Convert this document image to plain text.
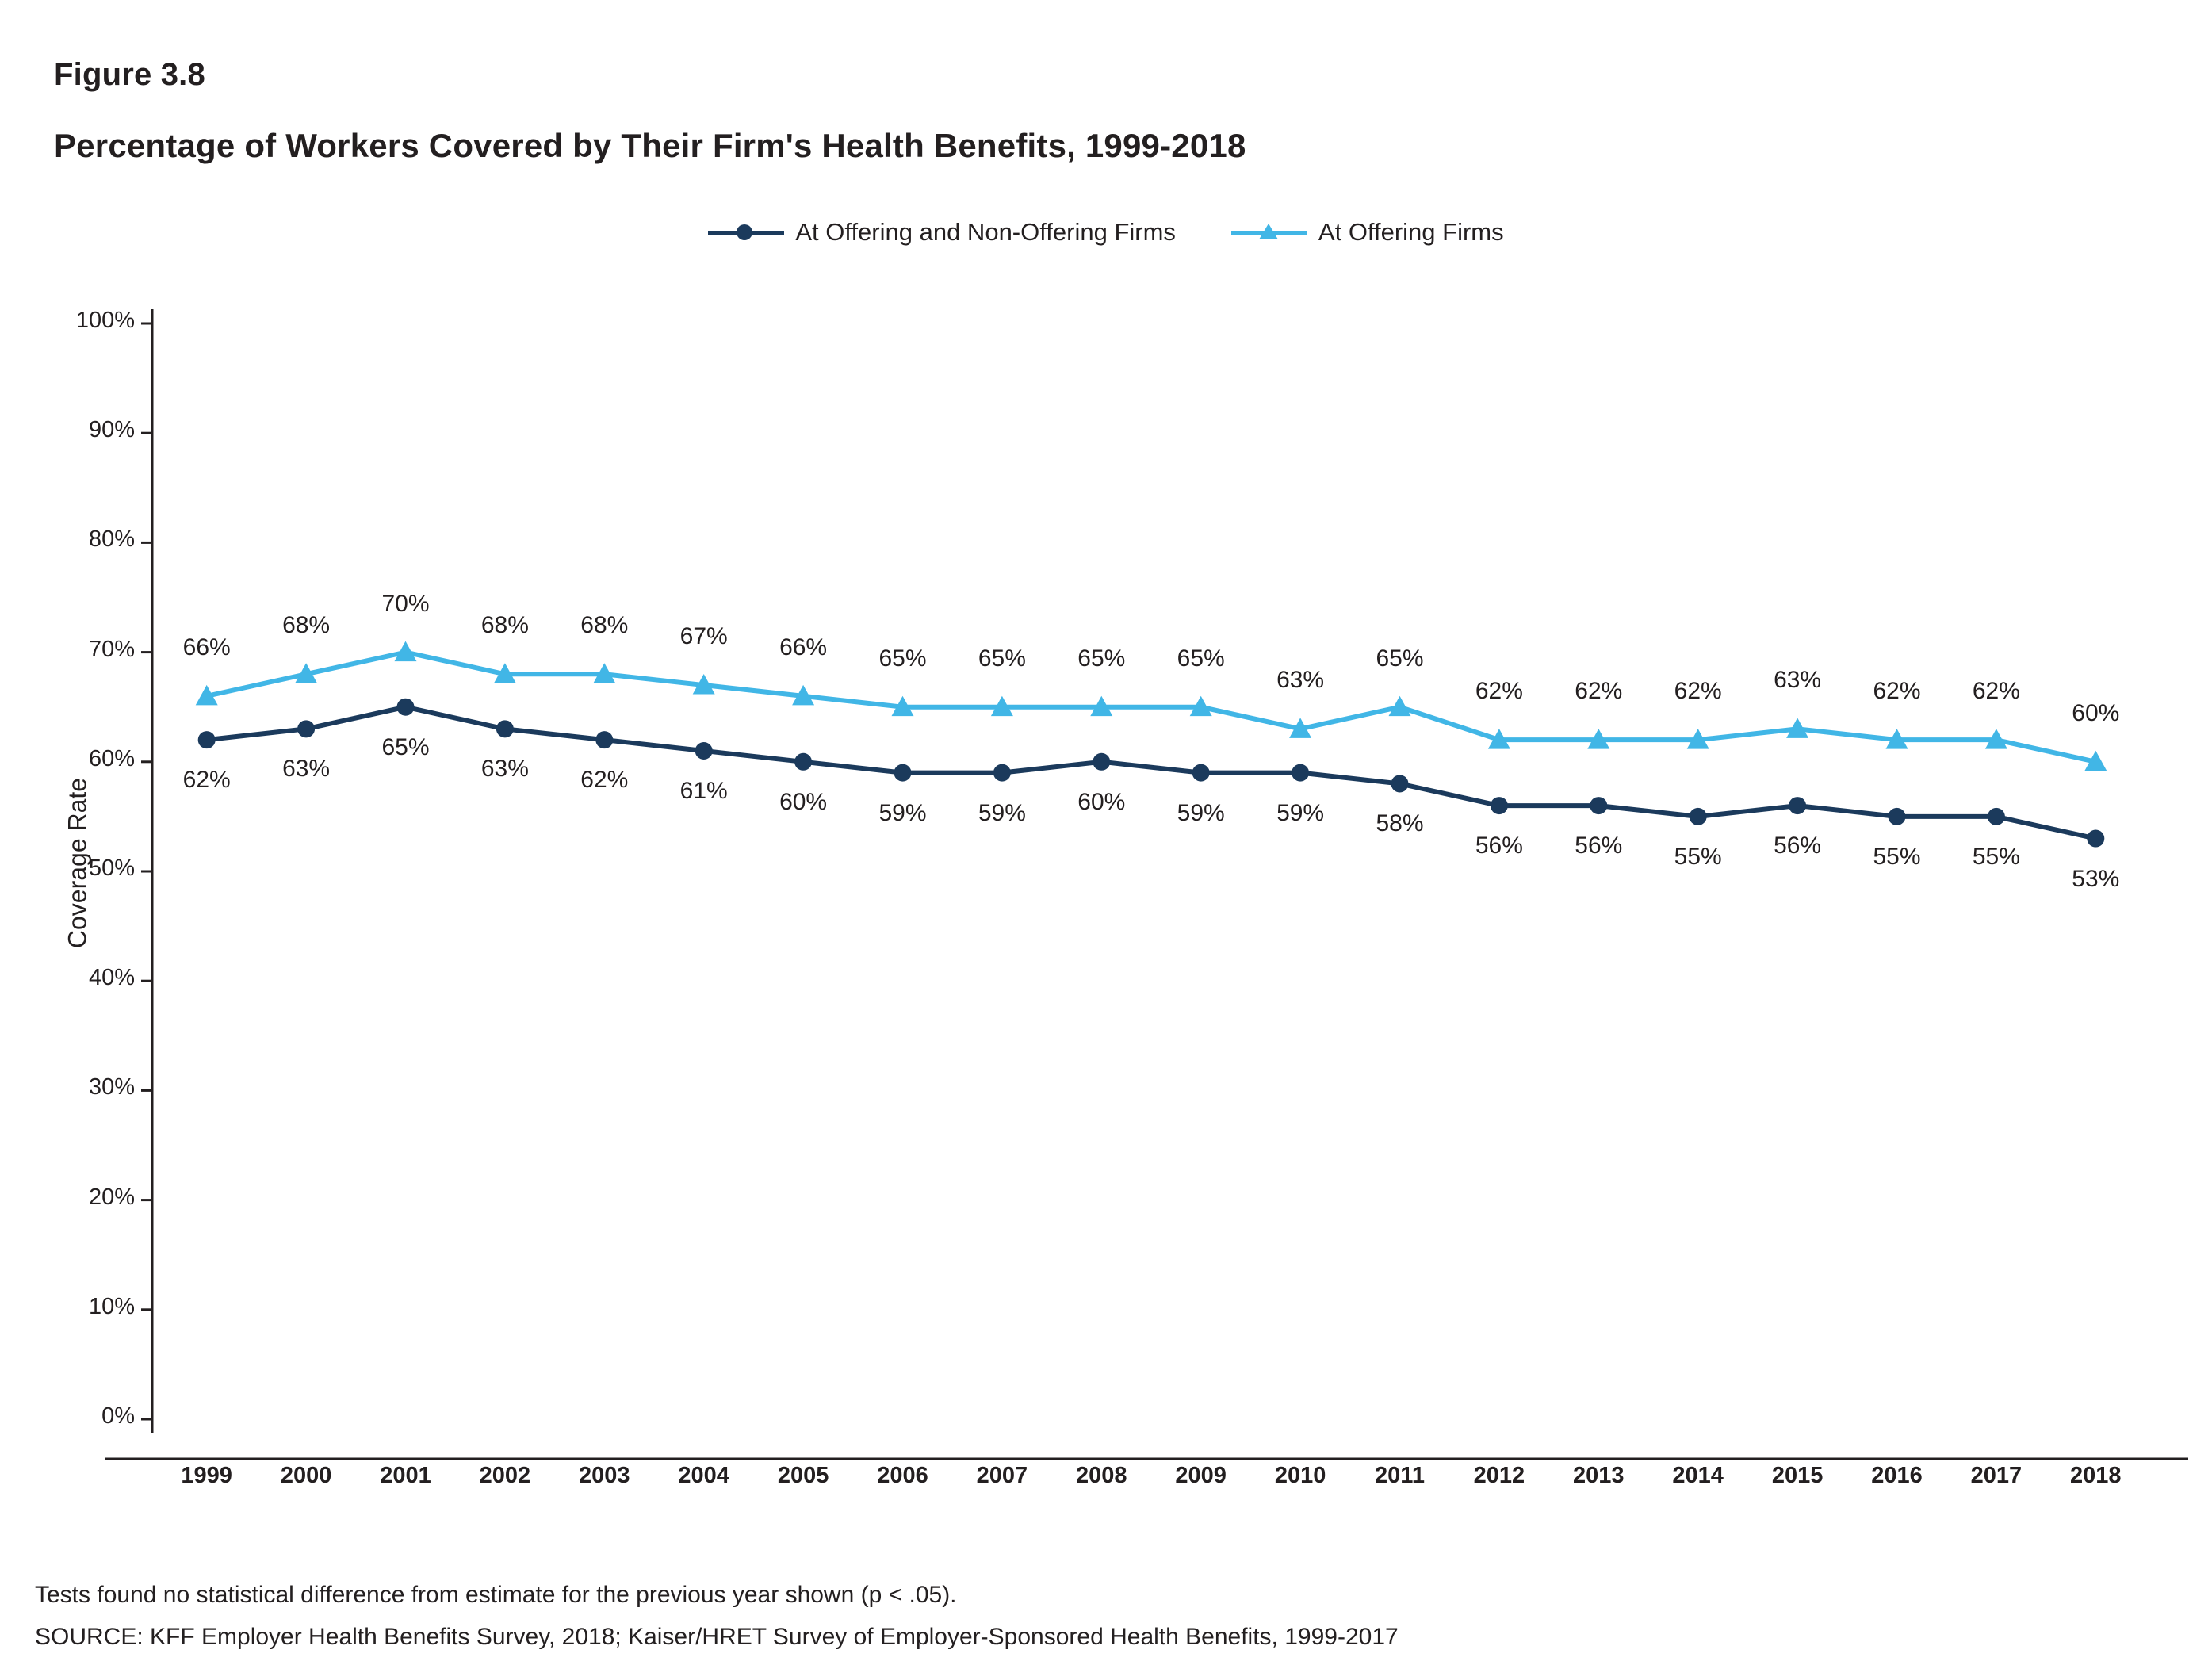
Figure 3.8
Percentage of Workers Covered by Their Firm's Health Benefits, 1999-2018
At Offering and Non-Offering Firms	At Offering Firms
Coverage Rate
0%
10%
20%
30%
40%
50%
60%
70%
80%
90%
100%
1999	2000	2001	2002	2003	2004	2005	2006	2007	2008	2009	2010	2011	2012	2013	2014	2015	2016	2017	2018
66%
68%
70%
68%	68%	67%	66%	65%	65%	65%	65%
63%
65%
62%	62%	62%	63%	62%	62%
60%
62%	63%
65%
63%	62%	61%	60%	59%	59%	60%	59%	59%	58%
56%	56%	55%	56%	55%	55%
53%
Tests found no statistical difference from estimate for the previous year shown (p < .05).
SOURCE: KFF Employer Health Benefits Survey, 2018; Kaiser/HRET Survey of Employer-Sponsored Health Benefits, 1999-2017
